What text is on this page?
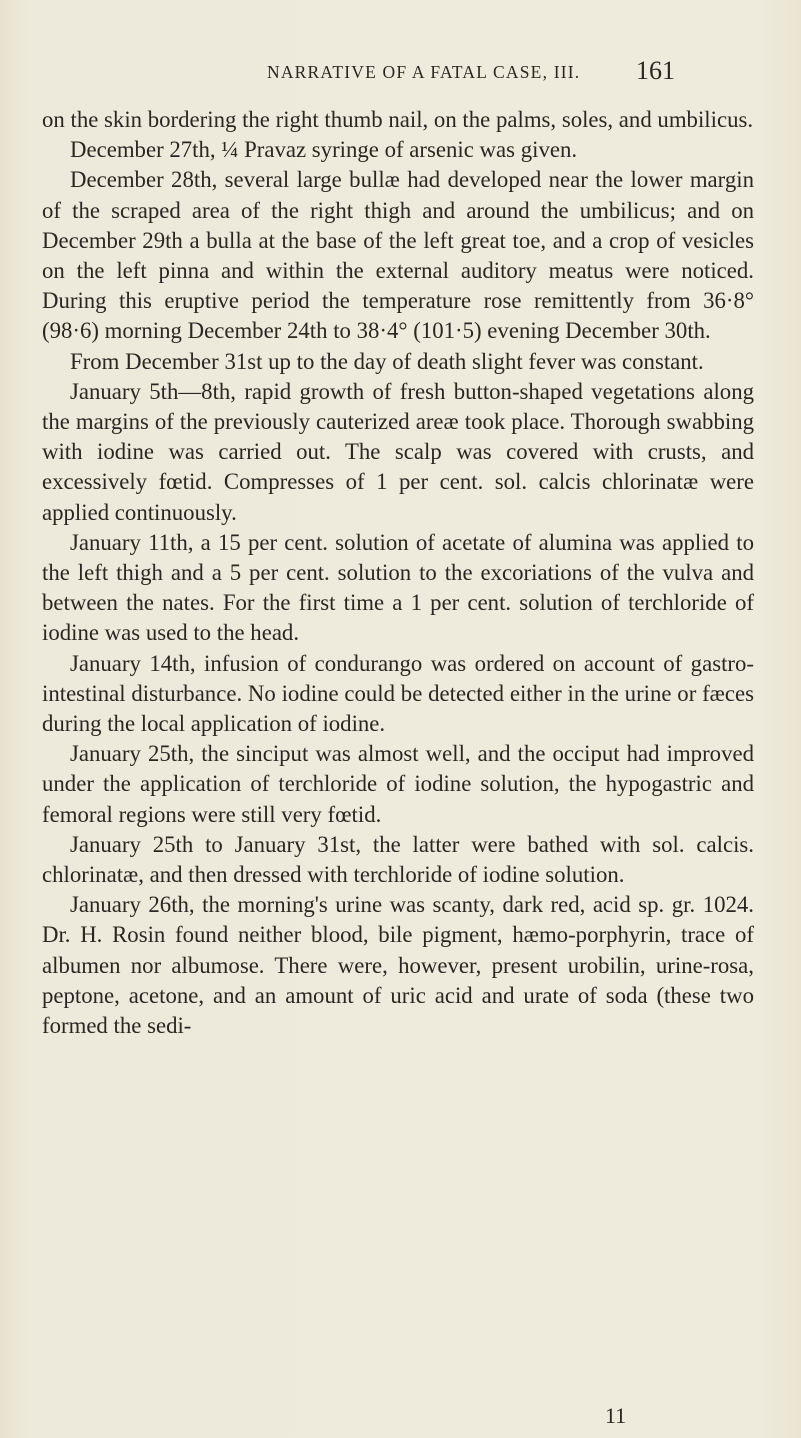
NARRATIVE OF A FATAL CASE, III. 161

on the skin bordering the right thumb nail, on the palms, soles, and umbilicus.

December 27th, ¼ Pravaz syringe of arsenic was given.

December 28th, several large bullæ had developed near the lower margin of the scraped area of the right thigh and around the umbilicus; and on December 29th a bulla at the base of the left great toe, and a crop of vesicles on the left pinna and within the external auditory meatus were noticed. During this eruptive period the temperature rose remittently from 36·8° (98·6) morning December 24th to 38·4° (101·5) evening December 30th.

From December 31st up to the day of death slight fever was constant.

January 5th—8th, rapid growth of fresh button-shaped vegetations along the margins of the previously cauterized areæ took place. Thorough swabbing with iodine was carried out. The scalp was covered with crusts, and excessively fœtid. Compresses of 1 per cent. sol. calcis chlorinatæ were applied continuously.

January 11th, a 15 per cent. solution of acetate of alumina was applied to the left thigh and a 5 per cent. solution to the excoriations of the vulva and between the nates. For the first time a 1 per cent. solution of terchloride of iodine was used to the head.

January 14th, infusion of condurango was ordered on account of gastro-intestinal disturbance. No iodine could be detected either in the urine or fæces during the local application of iodine.

January 25th, the sinciput was almost well, and the occiput had improved under the application of terchloride of iodine solution, the hypogastric and femoral regions were still very fœtid.

January 25th to January 31st, the latter were bathed with sol. calcis. chlorinatæ, and then dressed with terchloride of iodine solution.

January 26th, the morning's urine was scanty, dark red, acid sp. gr. 1024. Dr. H. Rosin found neither blood, bile pigment, hæmo-porphyrin, trace of albumen nor albumose. There were, however, present urobilin, urine-rosa, peptone, acetone, and an amount of uric acid and urate of soda (these two formed the sedi-

11
